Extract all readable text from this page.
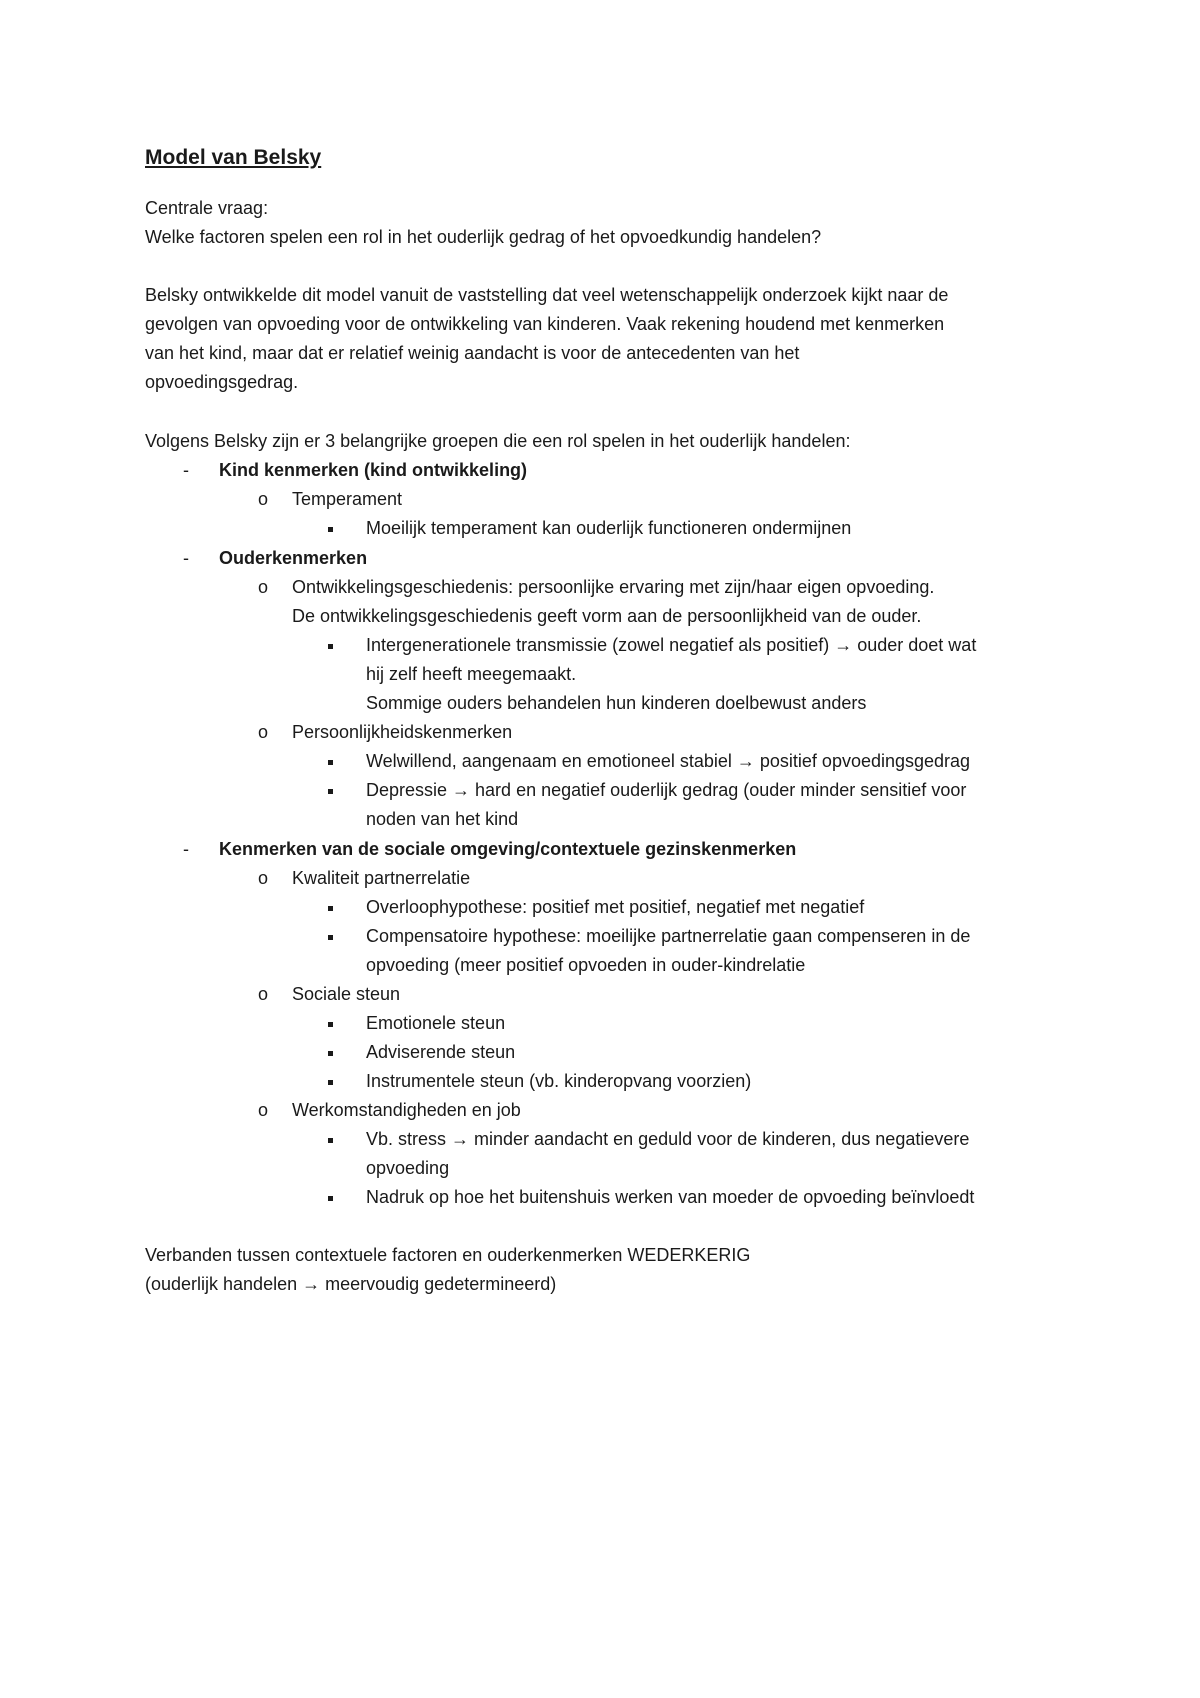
Model van Belsky
Centrale vraag:
Welke factoren spelen een rol in het ouderlijk gedrag of het opvoedkundig handelen?
Belsky ontwikkelde dit model vanuit de vaststelling dat veel wetenschappelijk onderzoek kijkt naar de
gevolgen van opvoeding voor de ontwikkeling van kinderen. Vaak rekening houdend met kenmerken
van het kind, maar dat er relatief weinig aandacht is voor de antecedenten van het
opvoedingsgedrag.
Volgens Belsky zijn er 3 belangrijke groepen die een rol spelen in het ouderlijk handelen:
- Kind kenmerken (kind ontwikkeling)
o Temperament
Moeilijk temperament kan ouderlijk functioneren ondermijnen
- Ouderkenmerken
o Ontwikkelingsgeschiedenis: persoonlijke ervaring met zijn/haar eigen opvoeding.
De ontwikkelingsgeschiedenis geeft vorm aan de persoonlijkheid van de ouder.
Intergenerationele transmissie (zowel negatief als positief) → ouder doet wat
hij zelf heeft meegemaakt.
Sommige ouders behandelen hun kinderen doelbewust anders
o Persoonlijkheidskenmerken
Welwillend, aangenaam en emotioneel stabiel → positief opvoedingsgedrag
Depressie → hard en negatief ouderlijk gedrag (ouder minder sensitief voor
noden van het kind
- Kenmerken van de sociale omgeving/contextuele gezinskenmerken
o Kwaliteit partnerrelatie
Overloophypothese: positief met positief, negatief met negatief
Compensatoire hypothese: moeilijke partnerrelatie gaan compenseren in de
opvoeding (meer positief opvoeden in ouder-kindrelatie
o Sociale steun
Emotionele steun
Adviserende steun
Instrumentele steun (vb. kinderopvang voorzien)
o Werkomstandigheden en job
Vb. stress → minder aandacht en geduld voor de kinderen, dus negatievere
opvoeding
Nadruk op hoe het buitenshuis werken van moeder de opvoeding beïnvloedt
Verbanden tussen contextuele factoren en ouderkenmerken WEDERKERIG
(ouderlijk handelen → meervoudig gedetermineerd)
